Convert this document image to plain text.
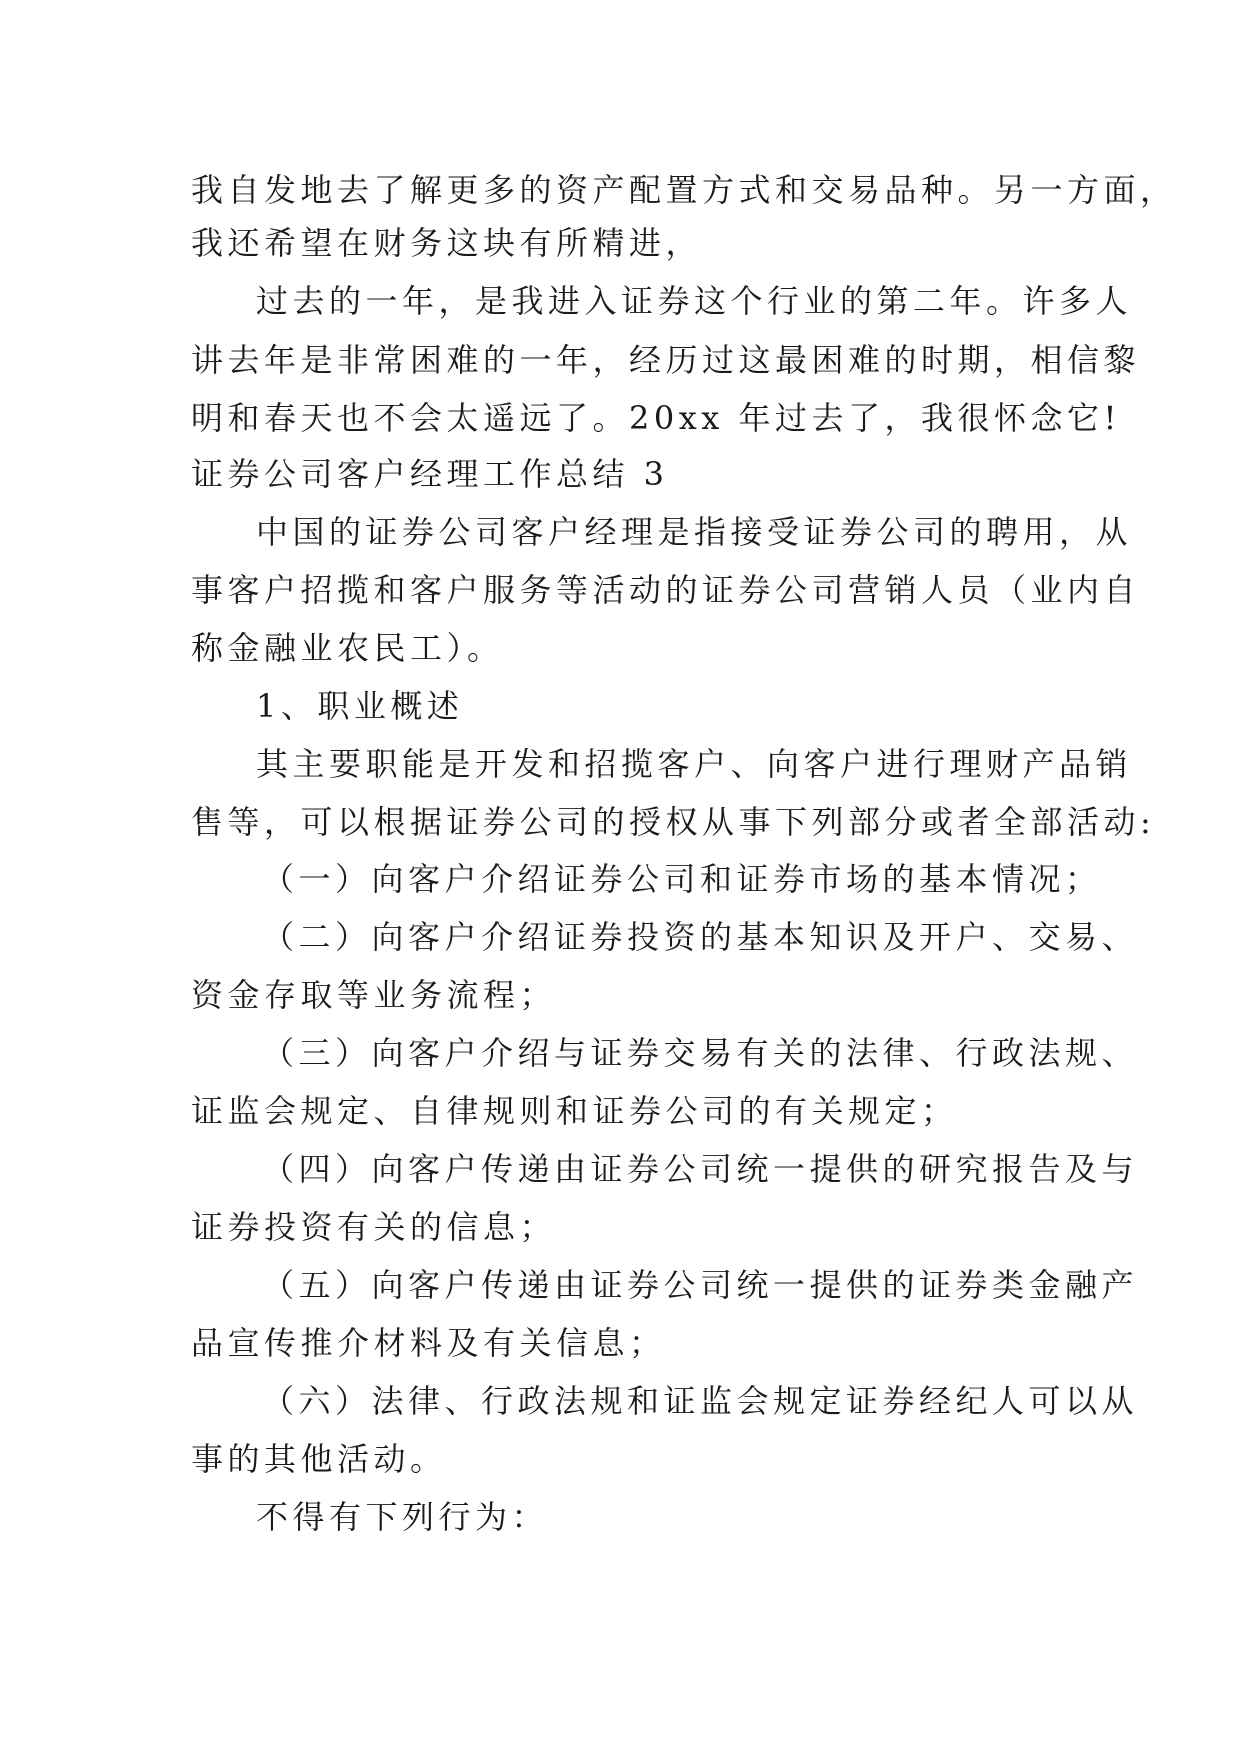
我自发地去了解更多的资产配置方式和交易品种。另一方面，

我还希望在财务这块有所精进，

过去的一年，是我进入证券这个行业的第二年。许多人

讲去年是非常困难的一年，经历过这最困难的时期，相信黎

明和春天也不会太遥远了。20xx 年过去了，我很怀念它!

证券公司客户经理工作总结 3

中国的证券公司客户经理是指接受证券公司的聘用，从

事客户招揽和客户服务等活动的证券公司营销人员（业内自

称金融业农民工）。

1、职业概述

其主要职能是开发和招揽客户、向客户进行理财产品销

售等，可以根据证券公司的授权从事下列部分或者全部活动:

（一）向客户介绍证券公司和证券市场的基本情况；

（二）向客户介绍证券投资的基本知识及开户、交易、

资金存取等业务流程；

（三）向客户介绍与证券交易有关的法律、行政法规、

证监会规定、自律规则和证券公司的有关规定；

（四）向客户传递由证券公司统一提供的研究报告及与

证券投资有关的信息；

（五）向客户传递由证券公司统一提供的证券类金融产

品宣传推介材料及有关信息；

（六）法律、行政法规和证监会规定证券经纪人可以从

事的其他活动。

不得有下列行为：
